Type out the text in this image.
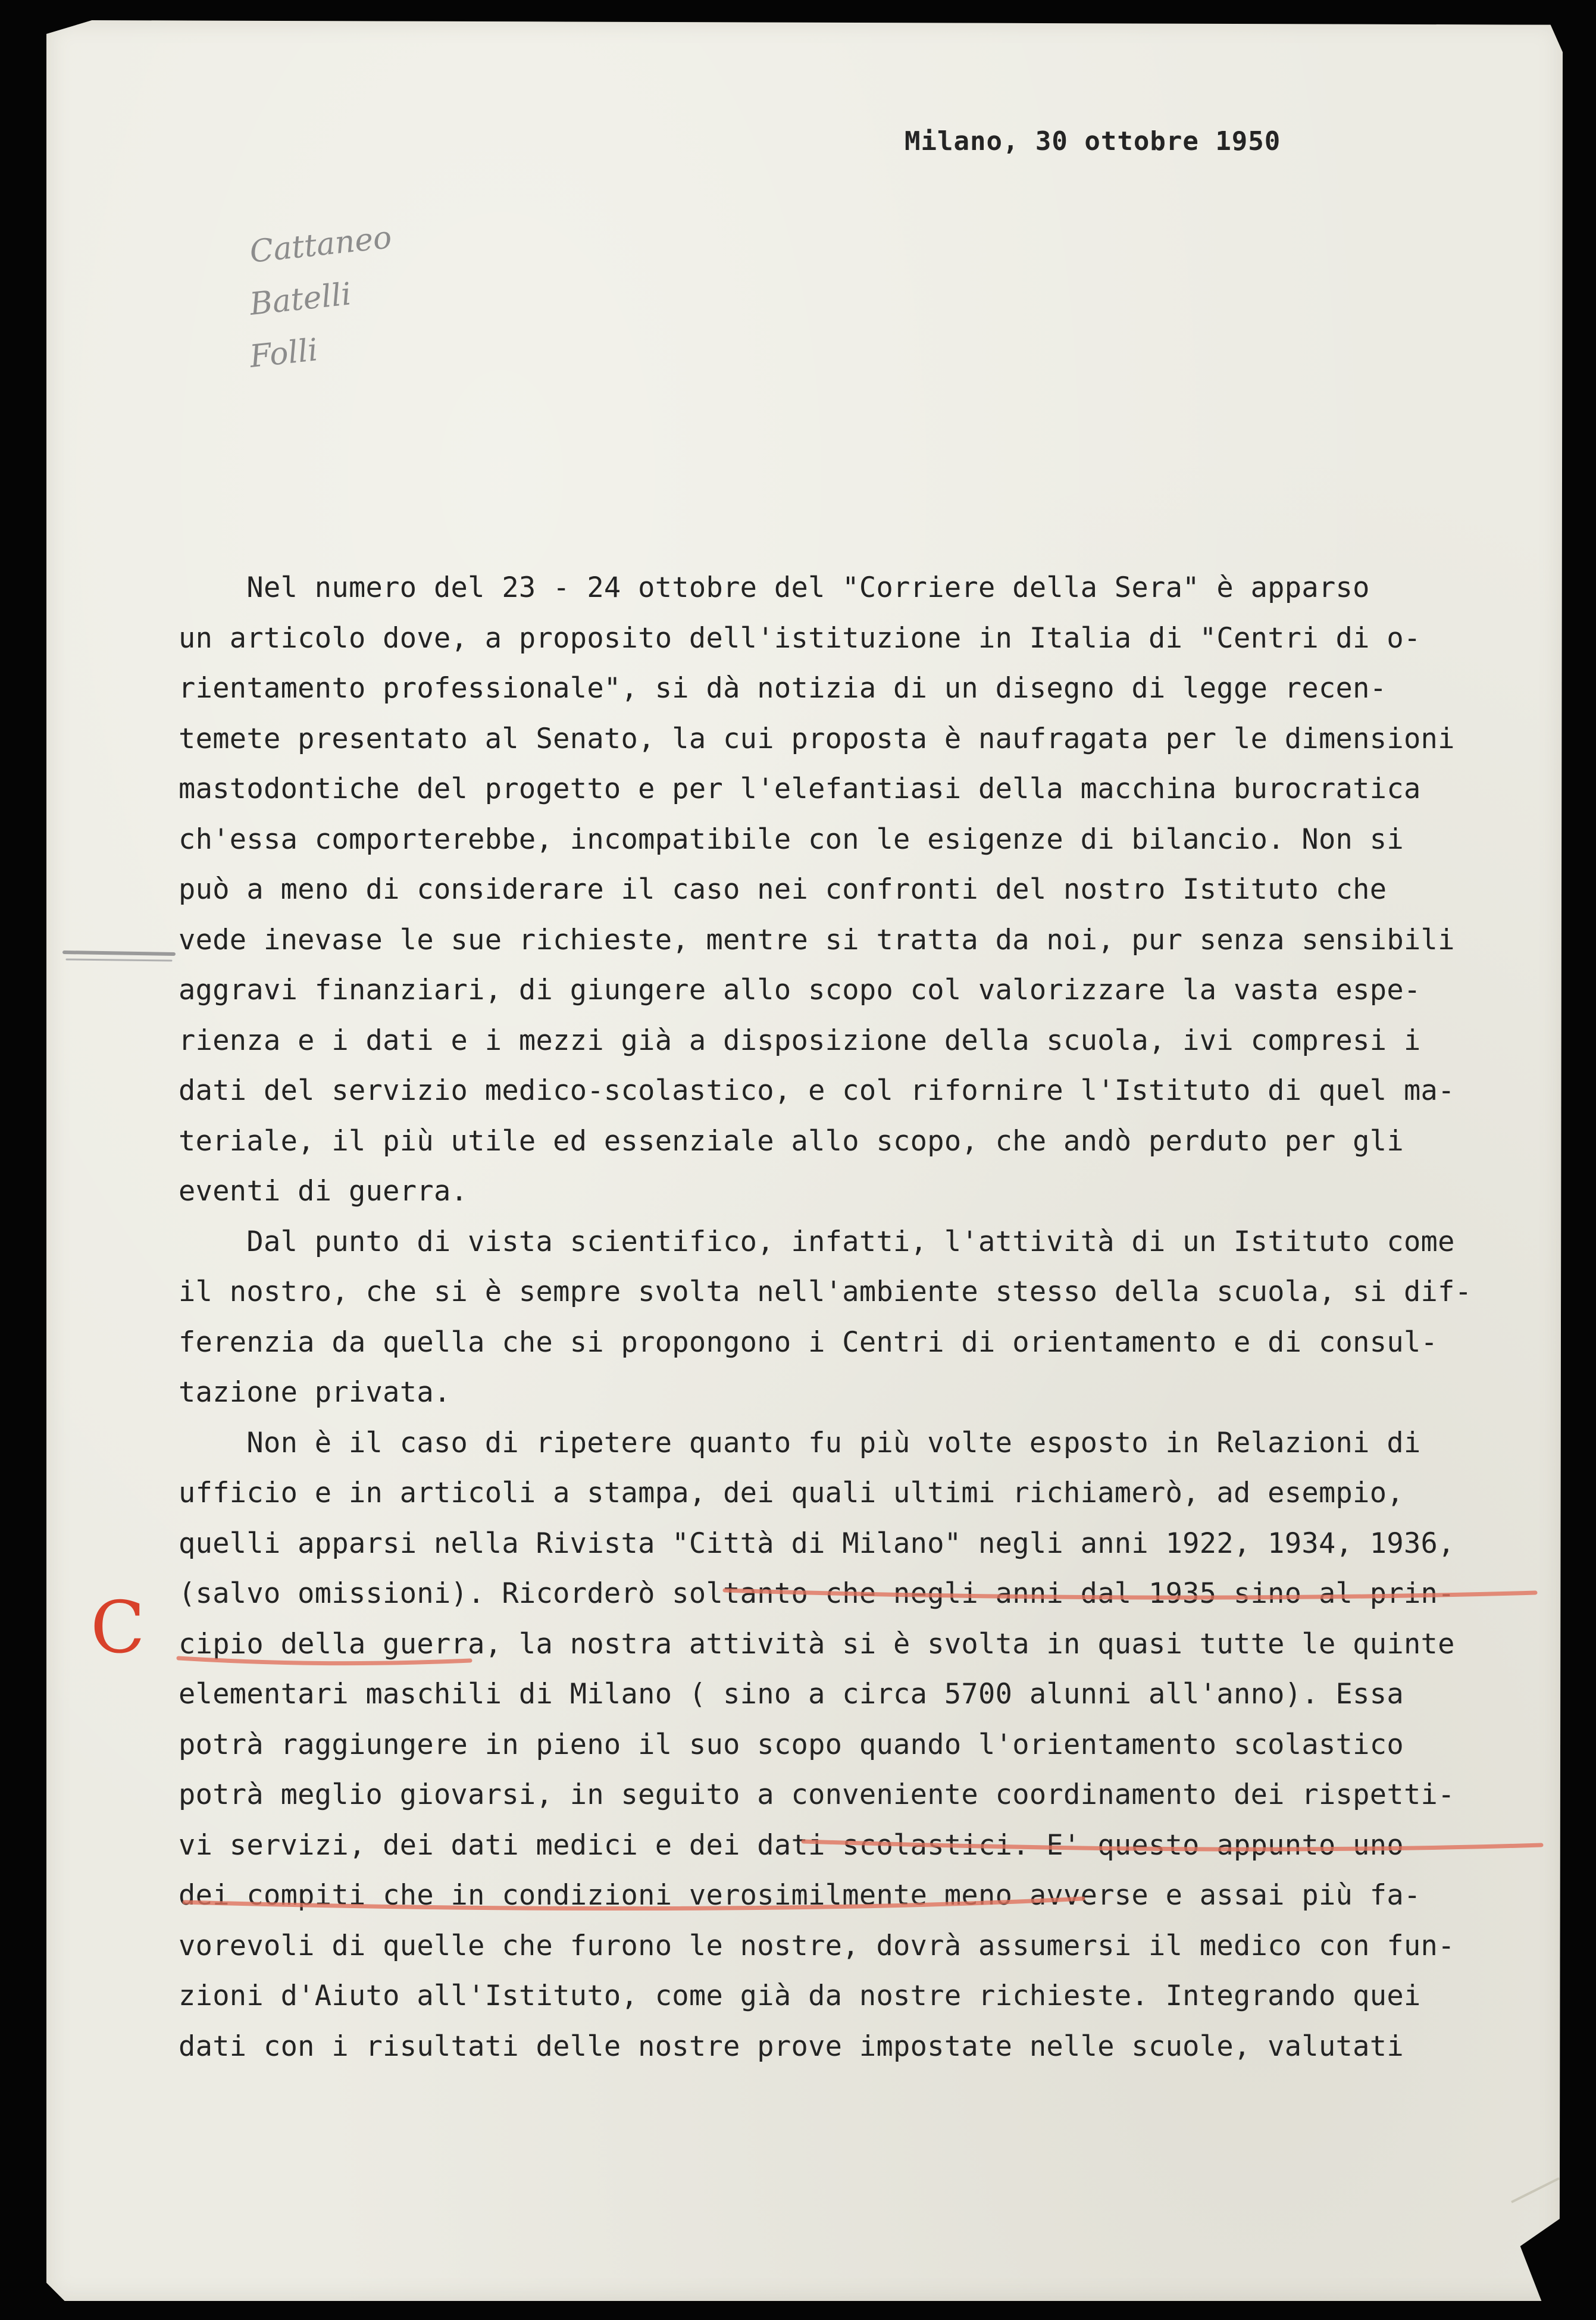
Milano, 30 ottobre 1950
Cattaneo
Batelli
Folli
C
Nel numero del 23 - 24 ottobre del "Corriere della Sera" è apparso
un articolo dove, a proposito dell'istituzione in Italia di "Centri di o-
rientamento professionale", si dà notizia di un disegno di legge recen-
temete presentato al Senato, la cui proposta è naufragata per le dimensioni
mastodontiche del progetto e per l'elefantiasi della macchina burocratica
ch'essa comporterebbe, incompatibile con le esigenze di bilancio. Non si
può a meno di considerare il caso nei confronti del nostro Istituto che
vede inevase le sue richieste, mentre si tratta da noi, pur senza sensibili
aggravi finanziari, di giungere allo scopo col valorizzare la vasta espe-
rienza e i dati e i mezzi già a disposizione della scuola, ivi compresi i
dati del servizio medico-scolastico, e col rifornire l'Istituto di quel ma-
teriale, il più utile ed essenziale allo scopo, che andò perduto per gli
eventi di guerra.
Dal punto di vista scientifico, infatti, l'attività di un Istituto come
il nostro, che si è sempre svolta nell'ambiente stesso della scuola, si dif-
ferenzia da quella che si propongono i Centri di orientamento e di consul-
tazione privata.
Non è il caso di ripetere quanto fu più volte esposto in Relazioni di
ufficio e in articoli a stampa, dei quali ultimi richiamerò, ad esempio,
quelli apparsi nella Rivista "Città di Milano" negli anni 1922, 1934, 1936,
(salvo omissioni). Ricorderò soltanto che negli anni dal 1935 sino al prin-
cipio della guerra, la nostra attività si è svolta in quasi tutte le quinte
elementari maschili di Milano ( sino a circa 5700 alunni all'anno). Essa
potrà raggiungere in pieno il suo scopo quando l'orientamento scolastico
potrà meglio giovarsi, in seguito a conveniente coordinamento dei rispetti-
vi servizi, dei dati medici e dei dati scolastici. E' questo appunto uno
dei compiti che in condizioni verosimilmente meno avverse e assai più fa-
vorevoli di quelle che furono le nostre, dovrà assumersi il medico con fun-
zioni d'Aiuto all'Istituto, come già da nostre richieste. Integrando quei
dati con i risultati delle nostre prove impostate nelle scuole, valutati
